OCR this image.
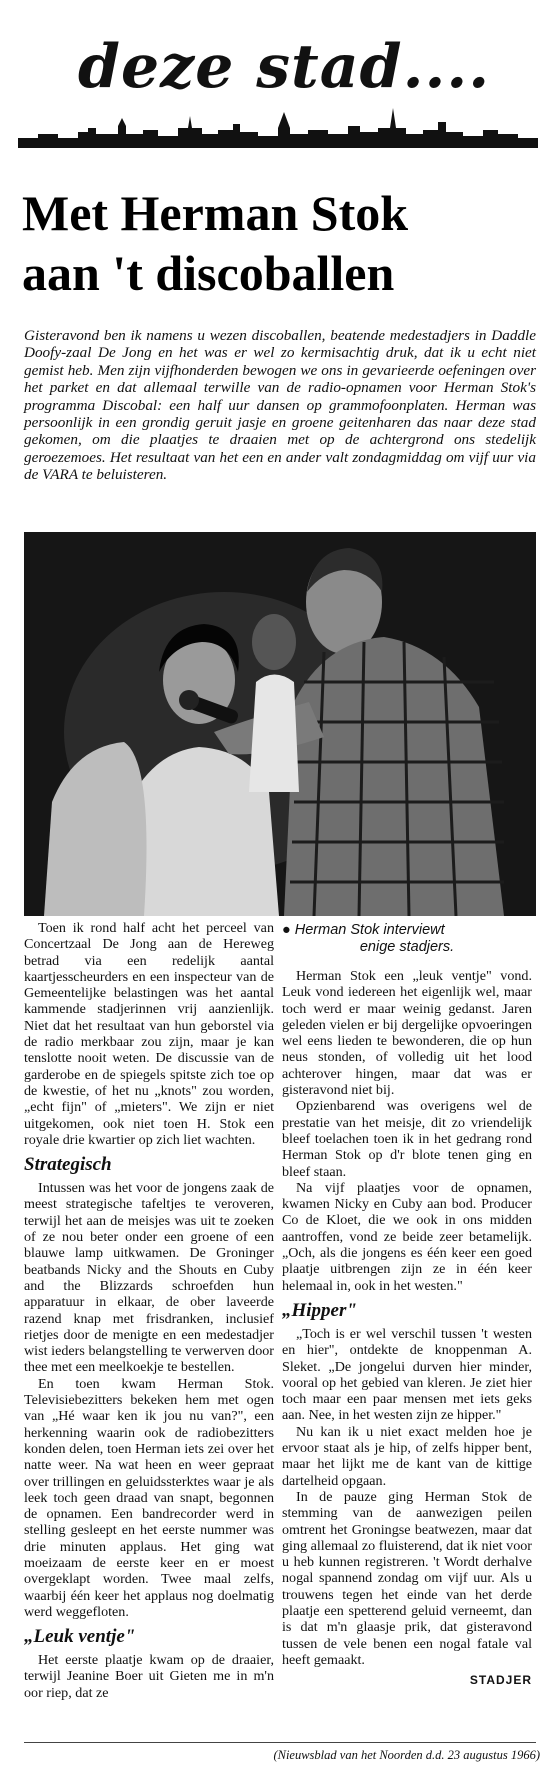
deze stad....
Met Herman Stok
aan 't discoballen
Gisteravond ben ik namens u wezen discoballen, beatende medestadjers in Daddle Doofy-zaal De Jong en het was er wel zo kermisachtig druk, dat ik u echt niet gemist heb. Men zijn vijfhonderden bewogen we ons in gevarieerde oefeningen over het parket en dat allemaal terwille van de radio-opnamen voor Herman Stok's programma Discobal: een half uur dansen op grammofoonplaten. Herman was persoonlijk in een grondig geruit jasje en groene geitenharen das naar deze stad gekomen, om die plaatjes te draaien met op de achtergrond ons stedelijk geroezemoes. Het resultaat van het een en ander valt zondagmiddag om vijf uur via de VARA te beluisteren.

Toen ik rond half acht het perceel van Concertzaal De Jong aan de Hereweg betrad via een redelijk aantal kaartjesscheurders en een inspecteur van de Gemeentelijke belastingen was het aantal kammende stadjerinnen vrij aanzienlijk. Niet dat het resultaat van hun geborstel via de radio merkbaar zou zijn, maar je kan tenslotte nooit weten. De discussie van de garderobe en de spiegels spitste zich toe op de kwestie, of het nu „knots" zou worden, „echt fijn" of „mieters". We zijn er niet uitgekomen, ook niet toen H. Stok een royale drie kwartier op zich liet wachten.

Strategisch

Intussen was het voor de jongens zaak de meest strategische tafeltjes te veroveren, terwijl het aan de meisjes was uit te zoeken of ze nou beter onder een groene of een blauwe lamp uitkwamen. De Groninger beatbands Nicky and the Shouts en Cuby and the Blizzards schroefden hun apparatuur in elkaar, de ober laveerde razend knap met frisdranken, inclusief rietjes door de menigte en een medestadjer wist ieders belangstelling te verwerven door thee met een meelkoekje te bestellen.

En toen kwam Herman Stok. Televisiebezitters bekeken hem met ogen van „Hé waar ken ik jou nu van?", een herkenning waarin ook de radiobezitters konden delen, toen Herman iets zei over het natte weer. Na wat heen en weer gepraat over trillingen en geluidssterktes waar je als leek toch geen draad van snapt, begonnen de opnamen. Een bandrecorder werd in stelling gesleept en het eerste nummer was drie minuten applaus. Het ging wat moeizaam de eerste keer en er moest overgeklapt worden. Twee maal zelfs, waarbij één keer het applaus nog doelmatig werd weggefloten.

„Leuk ventje"

Het eerste plaatje kwam op de draaier, terwijl Jeanine Boer uit Gieten me in m'n oor riep, dat ze

● Herman Stok interviewt
enige stadjers.

Herman Stok een „leuk ventje" vond. Leuk vond iedereen het eigenlijk wel, maar toch werd er maar weinig gedanst. Jaren geleden vielen er bij dergelijke opvoeringen wel eens lieden te bewonderen, die op hun neus stonden, of volledig uit het lood achterover hingen, maar dat was er gisteravond niet bij.

Opzienbarend was overigens wel de prestatie van het meisje, dit zo vriendelijk bleef toelachen toen ik in het gedrang rond Herman Stok op d'r blote tenen ging en bleef staan.

Na vijf plaatjes voor de opnamen, kwamen Nicky en Cuby aan bod. Producer Co de Kloet, die we ook in ons midden aantroffen, vond ze beide zeer betamelijk. „Och, als die jongens es één keer een goed plaatje uitbrengen zijn ze in één keer helemaal in, ook in het westen."

„Hipper"

„Toch is er wel verschil tussen 't westen en hier", ontdekte de knoppenman A. Sleket. „De jongelui durven hier minder, vooral op het gebied van kleren. Je ziet hier toch maar een paar mensen met iets geks aan. Nee, in het westen zijn ze hipper."

Nu kan ik u niet exact melden hoe je ervoor staat als je hip, of zelfs hipper bent, maar het lijkt me de kant van de kittige dartelheid opgaan.

In de pauze ging Herman Stok de stemming van de aanwezigen peilen omtrent het Groningse beatwezen, maar dat ging allemaal zo fluisterend, dat ik niet voor u heb kunnen registreren. 't Wordt derhalve nogal spannend zondag om vijf uur. Als u trouwens tegen het einde van het derde plaatje een spetterend geluid verneemt, dan is dat m'n glaasje prik, dat gisteravond tussen de vele benen een nogal fatale val heeft gemaakt.

STADJER
(Nieuwsblad van het Noorden d.d. 23 augustus 1966)
